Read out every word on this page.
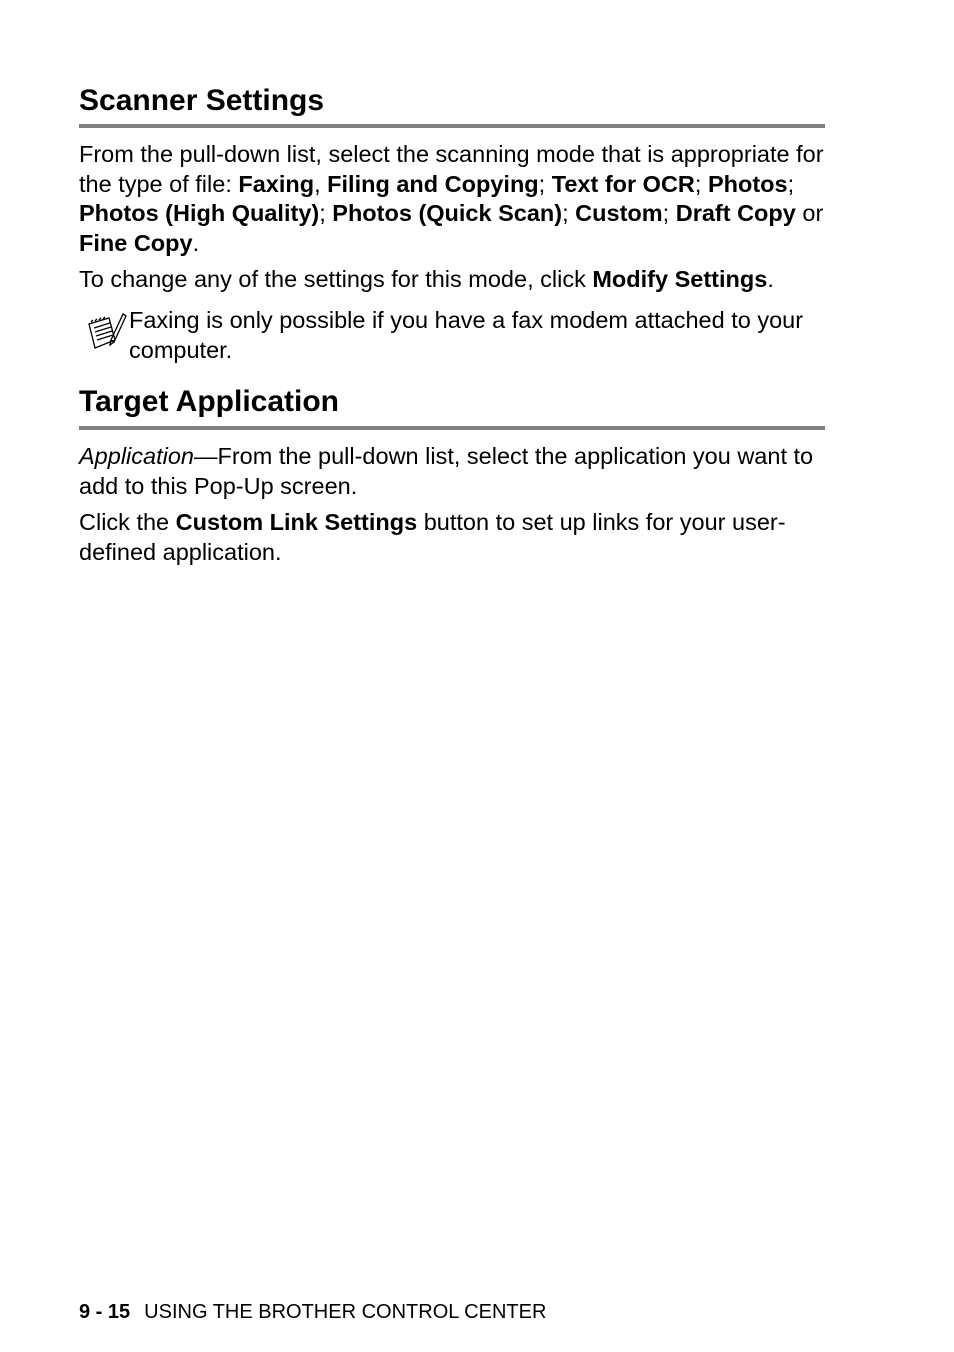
Scanner Settings

From the pull-down list, select the scanning mode that is appropriate for the type of file: Faxing, Filing and Copying; Text for OCR; Photos; Photos (High Quality); Photos (Quick Scan); Custom; Draft Copy or Fine Copy.

To change any of the settings for this mode, click Modify Settings.

Faxing is only possible if you have a fax modem attached to your computer.
Target Application

Application—From the pull-down list, select the application you want to add to this Pop-Up screen.

Click the Custom Link Settings button to set up links for your user-defined application.

9 - 15 USING THE BROTHER CONTROL CENTER
